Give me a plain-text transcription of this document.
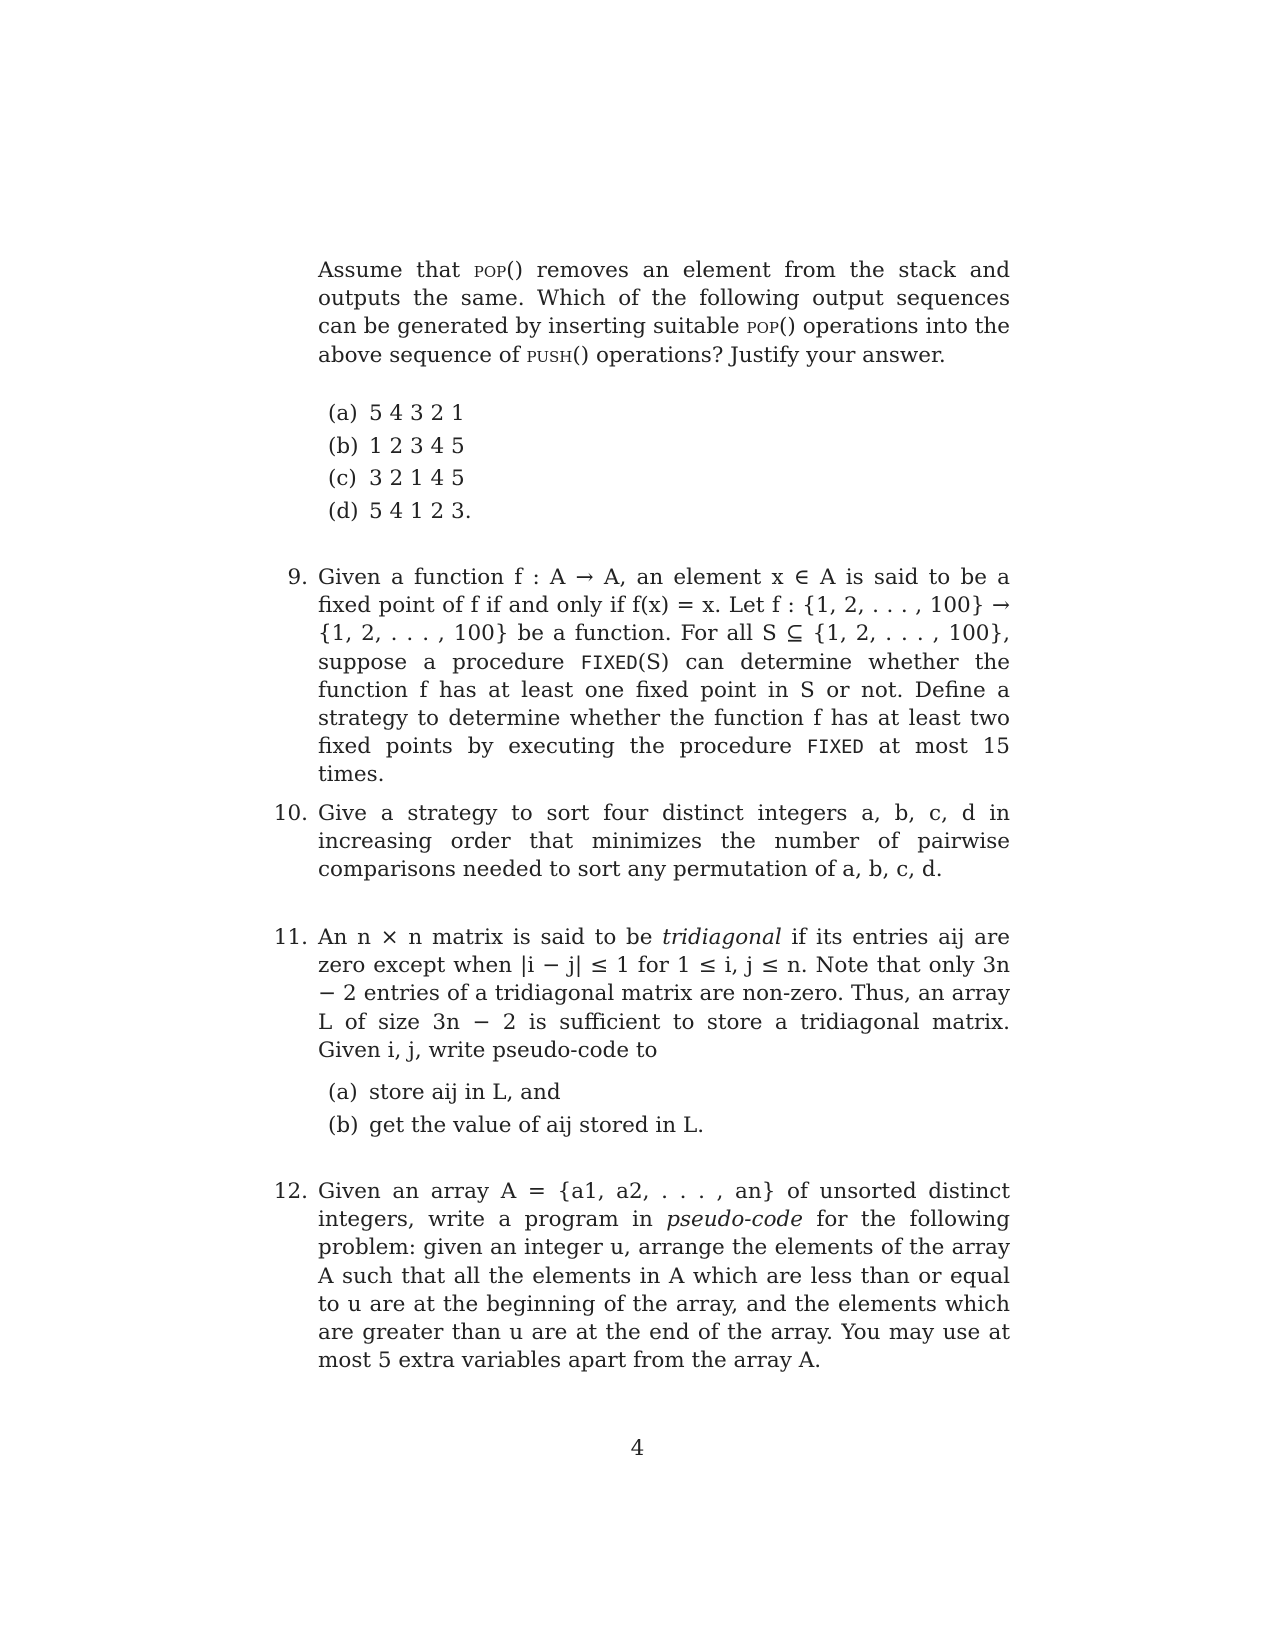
Assume that pop() removes an element from the stack and outputs the same. Which of the following output sequences can be generated by inserting suitable pop() operations into the above sequence of push() operations? Justify your answer.
(a) 5 4 3 2 1
(b) 1 2 3 4 5
(c) 3 2 1 4 5
(d) 5 4 1 2 3.
9. Given a function f : A → A, an element x ∈ A is said to be a fixed point of f if and only if f(x) = x. Let f : {1, 2, . . . , 100} → {1, 2, . . . , 100} be a function. For all S ⊆ {1, 2, . . . , 100}, suppose a procedure FIXED(S) can determine whether the function f has at least one fixed point in S or not. Define a strategy to determine whether the function f has at least two fixed points by executing the procedure FIXED at most 15 times.
10. Give a strategy to sort four distinct integers a, b, c, d in increasing order that minimizes the number of pairwise comparisons needed to sort any permutation of a, b, c, d.
11. An n × n matrix is said to be tridiagonal if its entries aij are zero except when |i − j| ≤ 1 for 1 ≤ i, j ≤ n. Note that only 3n − 2 entries of a tridiagonal matrix are non-zero. Thus, an array L of size 3n − 2 is sufficient to store a tridiagonal matrix. Given i, j, write pseudo-code to
(a) store aij in L, and
(b) get the value of aij stored in L.
12. Given an array A = {a1, a2, . . . , an} of unsorted distinct integers, write a program in pseudo-code for the following problem: given an integer u, arrange the elements of the array A such that all the elements in A which are less than or equal to u are at the beginning of the array, and the elements which are greater than u are at the end of the array. You may use at most 5 extra variables apart from the array A.
4
